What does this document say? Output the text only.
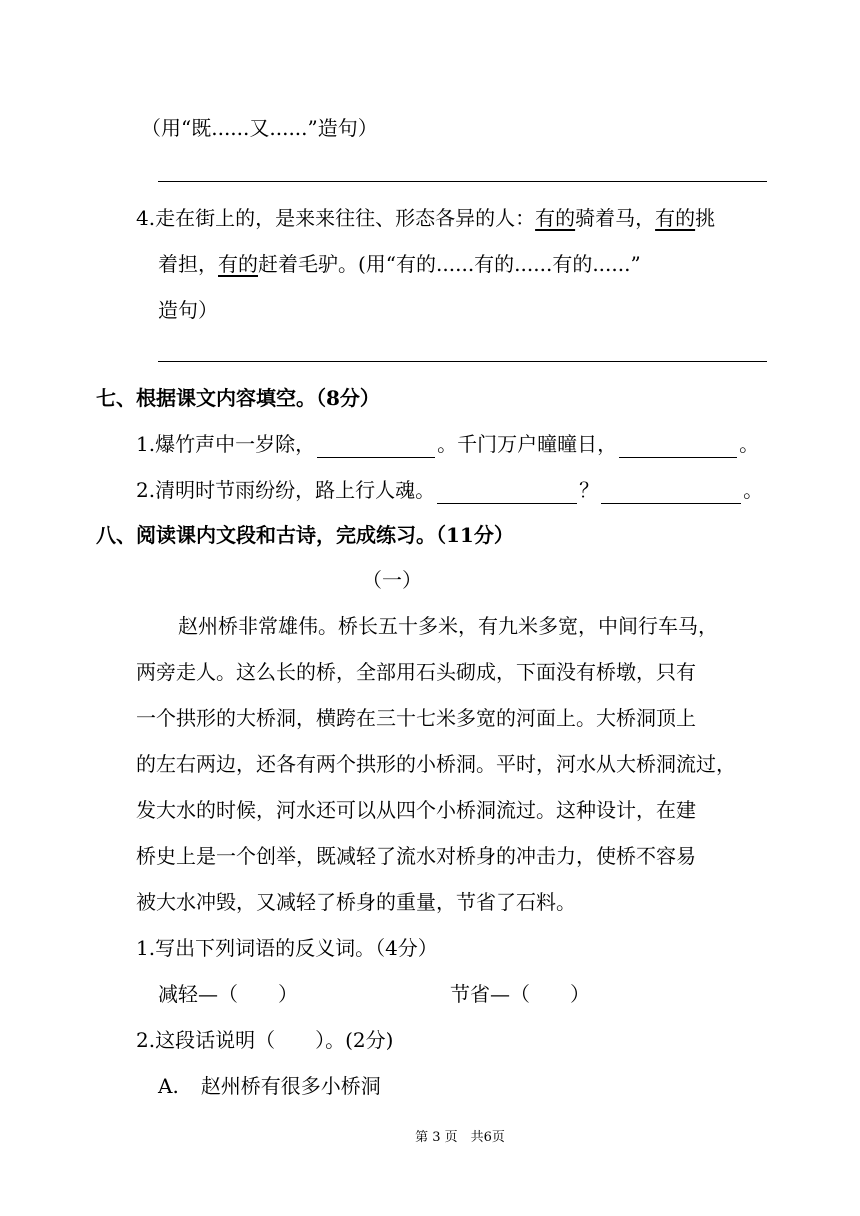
（用“既......又......”造句）
4.走在街上的，是来来往往、形态各异的人：有的骑着马，有的挑
着担，有的赶着毛驴。(用“有的......有的......有的......”
造句）
七、根据课文内容填空。（8分）
1.爆竹声中一岁除，	。千门万户曈曈日，	。
2.清明时节雨纷纷，路上行人魂。	？	。
八、阅读课内文段和古诗，完成练习。（11分）
（一）
赵州桥非常雄伟。桥长五十多米，有九米多宽，中间行车马，
两旁走人。这么长的桥，全部用石头砌成，下面没有桥墩，只有
一个拱形的大桥洞，横跨在三十七米多宽的河面上。大桥洞顶上
的左右两边，还各有两个拱形的小桥洞。平时，河水从大桥洞流过，
发大水的时候，河水还可以从四个小桥洞流过。这种设计，在建
桥史上是一个创举，既减轻了流水对桥身的冲击力，使桥不容易
被大水冲毁，又减轻了桥身的重量，节省了石料。
1.写出下列词语的反义词。（4分）
减轻—（　　）	节省—（　　）
2.这段话说明（　　）。(2分)
A. 赵州桥有很多小桥洞
第 3 页　共6页
